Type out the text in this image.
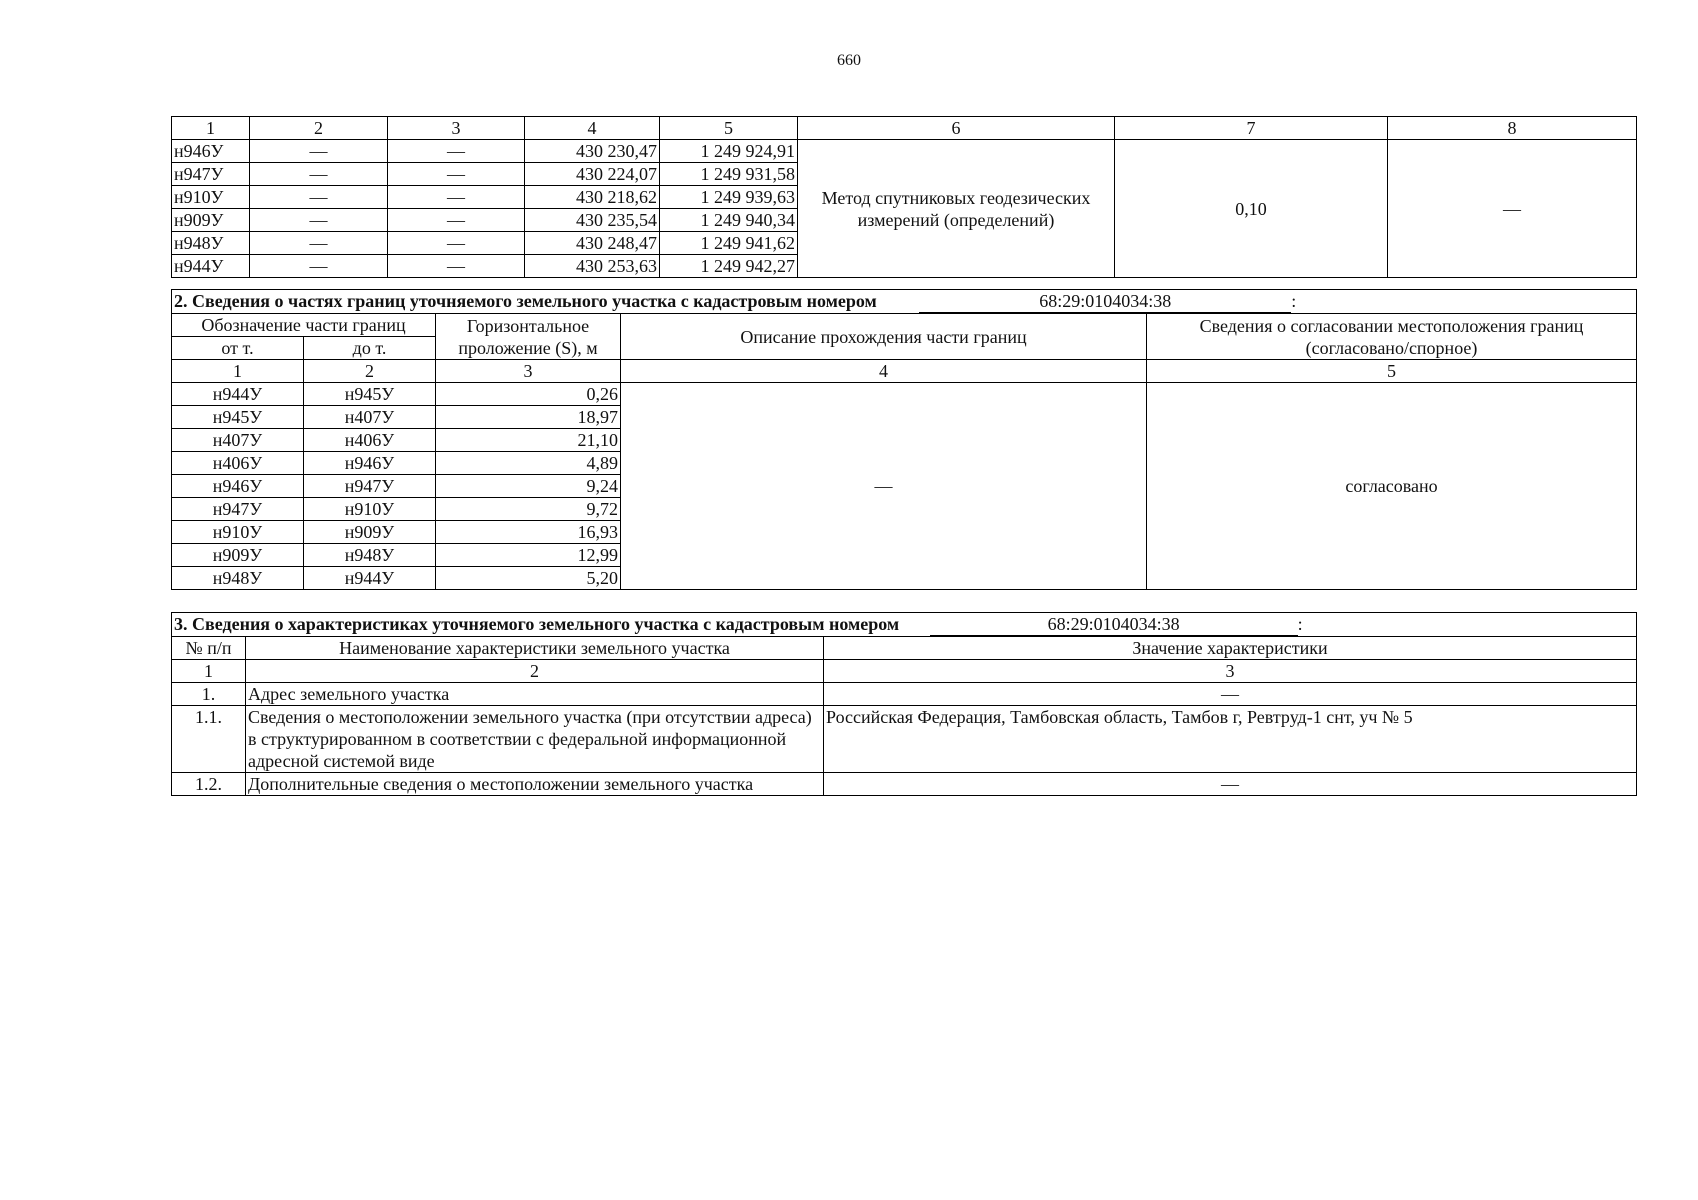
660
1	2	3	4	5	6	7	8
н946У	—	—	430 230,47	1 249 924,91	Метод спутниковых геодезических измерений (определений)	0,10	—
н947У	—	—	430 224,07	1 249 931,58			
н910У	—	—	430 218,62	1 249 939,63			
н909У	—	—	430 235,54	1 249 940,34			
н948У	—	—	430 248,47	1 249 941,62			
н944У	—	—	430 253,63	1 249 942,27			
2. Сведения о частях границ уточняемого земельного участка с кадастровым номером 68:29:0104034:38 :				
Обозначение части границ		Горизонтальное проложение (S), м	Описание прохождения части границ	Сведения о согласовании местоположения границ (согласовано/спорное)
от т.	до т.			
1	2	3	4	5
н944У	н945У	0,26	—	согласовано
н945У	н407У	18,97		
н407У	н406У	21,10		
н406У	н946У	4,89		
н946У	н947У	9,24		
н947У	н910У	9,72		
н910У	н909У	16,93		
н909У	н948У	12,99		
н948У	н944У	5,20		
3. Сведения о характеристиках уточняемого земельного участка с кадастровым номером 68:29:0104034:38 :		
№ п/п	Наименование характеристики земельного участка	Значение характеристики
1	2	3
1.	Адрес земельного участка	—
1.1.	Сведения о местоположении земельного участка (при отсутствии адреса) в структурированном в соответствии с федеральной информационной адресной системой виде	Российская Федерация, Тамбовская область, Тамбов г, Ревтруд-1 снт, уч № 5
1.2.	Дополнительные сведения о местоположении земельного участка	—
